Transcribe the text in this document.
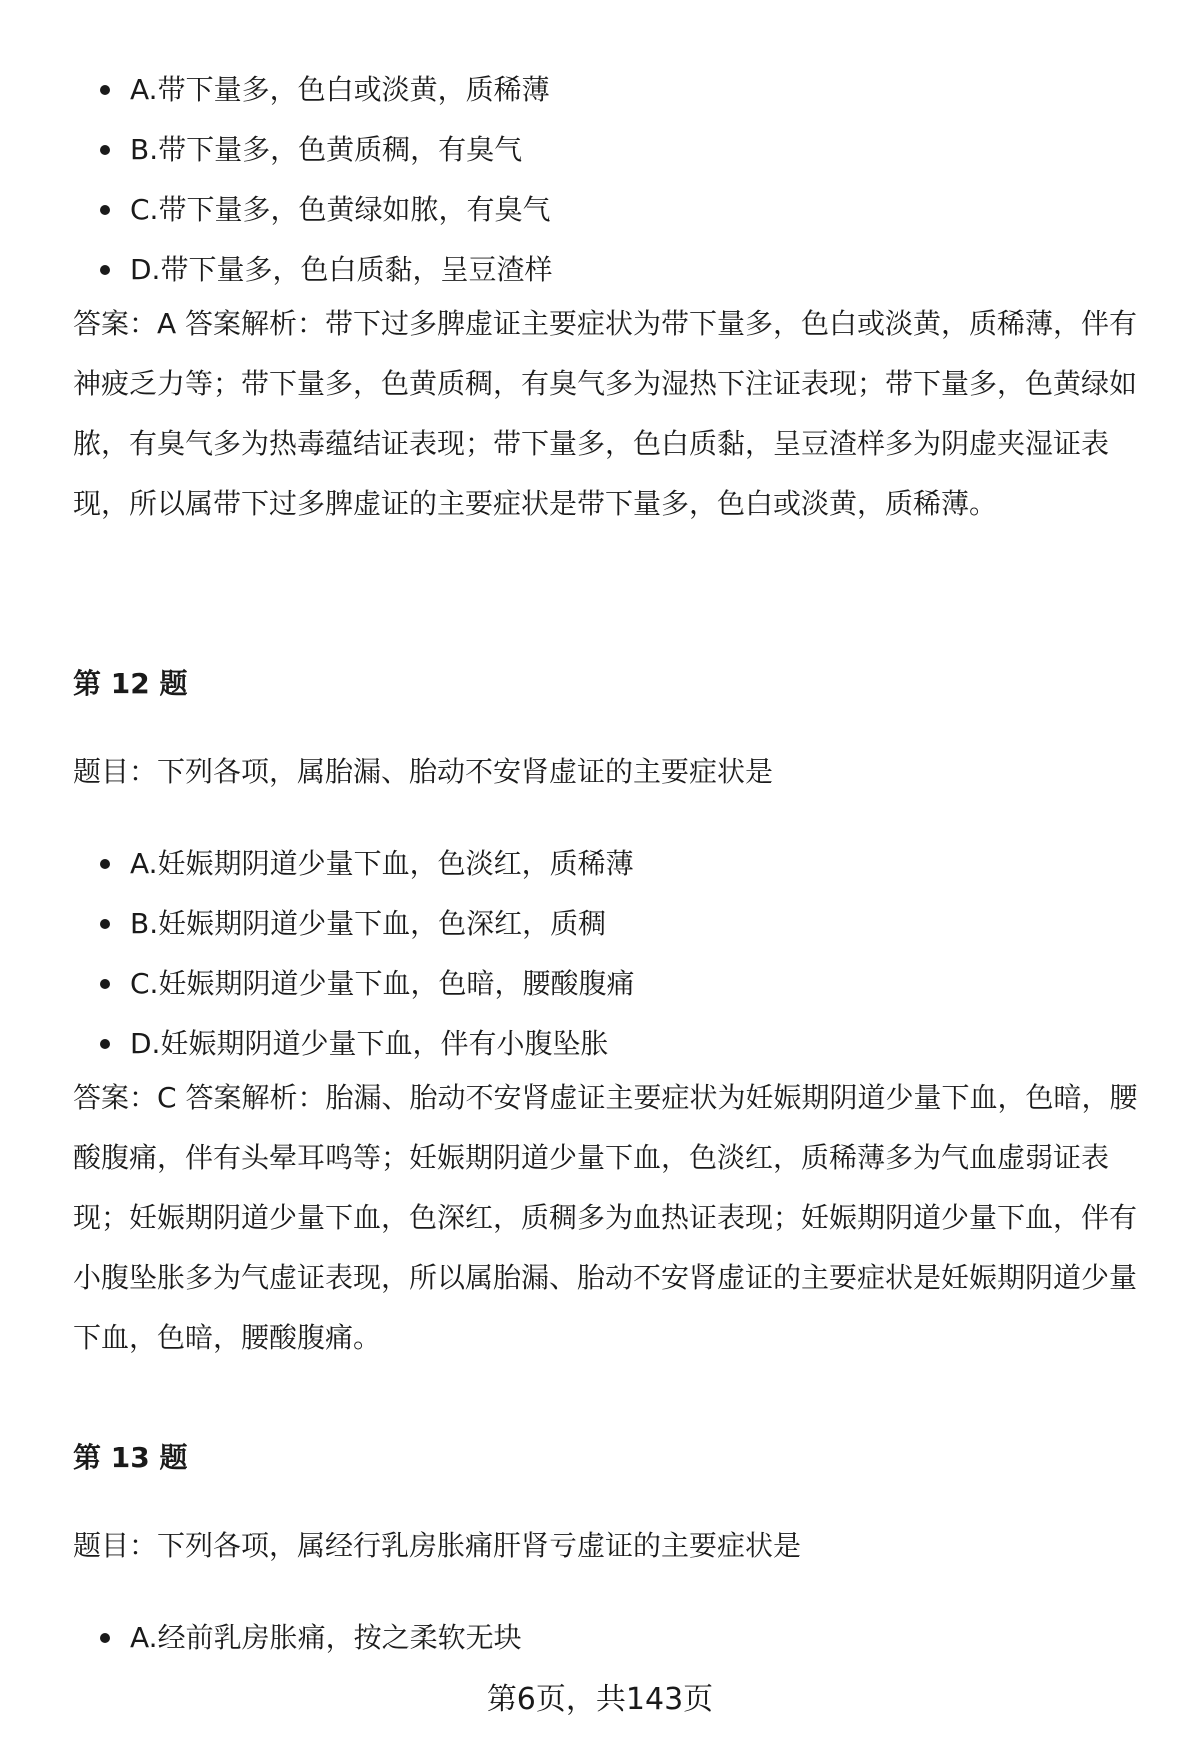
A.带下量多，色白或淡黄，质稀薄
B.带下量多，色黄质稠，有臭气
C.带下量多，色黄绿如脓，有臭气
D.带下量多，色白质黏，呈豆渣样

答案：A 答案解析：带下过多脾虚证主要症状为带下量多，色白或淡黄，质稀薄，伴有神疲乏力等；带下量多，色黄质稠，有臭气多为湿热下注证表现；带下量多，色黄绿如脓，有臭气多为热毒蕴结证表现；带下量多，色白质黏，呈豆渣样多为阴虚夹湿证表现，所以属带下过多脾虚证的主要症状是带下量多，色白或淡黄，质稀薄。

第 12 题

题目：下列各项，属胎漏、胎动不安肾虚证的主要症状是

A.妊娠期阴道少量下血，色淡红，质稀薄
B.妊娠期阴道少量下血，色深红，质稠
C.妊娠期阴道少量下血，色暗，腰酸腹痛
D.妊娠期阴道少量下血，伴有小腹坠胀

答案：C 答案解析：胎漏、胎动不安肾虚证主要症状为妊娠期阴道少量下血，色暗，腰酸腹痛，伴有头晕耳鸣等；妊娠期阴道少量下血，色淡红，质稀薄多为气血虚弱证表现；妊娠期阴道少量下血，色深红，质稠多为血热证表现；妊娠期阴道少量下血，伴有小腹坠胀多为气虚证表现，所以属胎漏、胎动不安肾虚证的主要症状是妊娠期阴道少量下血，色暗，腰酸腹痛。

第 13 题

题目：下列各项，属经行乳房胀痛肝肾亏虚证的主要症状是

A.经前乳房胀痛，按之柔软无块
第6页，共143页
